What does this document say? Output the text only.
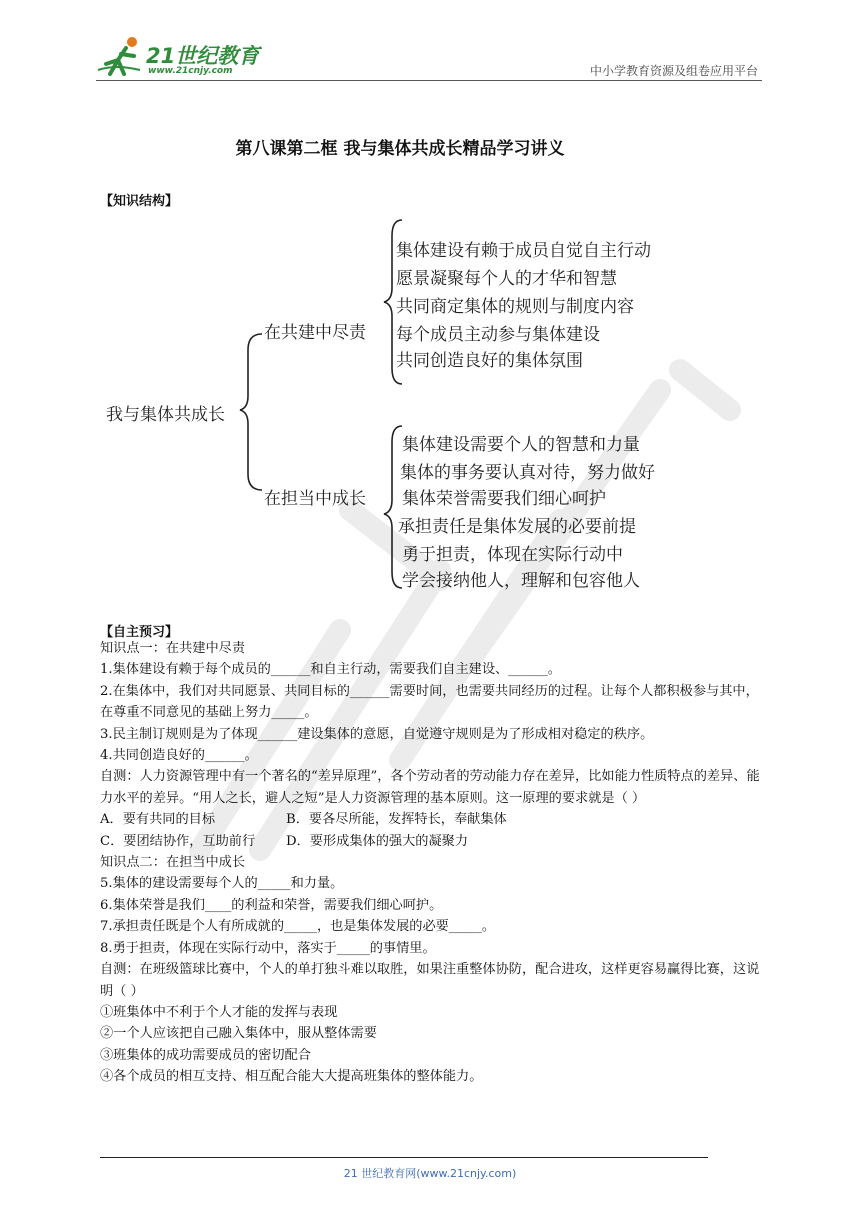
21世纪教育
www.21cnjy.com	中小学教育资源及组卷应用平台
第八课第二框 我与集体共成长精品学习讲义
【知识结构】
我与集体共成长
在共建中尽责
在担当中成长
集体建设有赖于成员自觉自主行动
愿景凝聚每个人的才华和智慧
共同商定集体的规则与制度内容
每个成员主动参与集体建设
共同创造良好的集体氛围
集体建设需要个人的智慧和力量
集体的事务要认真对待，努力做好
集体荣誉需要我们细心呵护
承担责任是集体发展的必要前提
勇于担责，体现在实际行动中
学会接纳他人，理解和包容他人
【自主预习】

知识点一：在共建中尽责

1.集体建设有赖于每个成员的______和自主行动，需要我们自主建设、______。

2.在集体中，我们对共同愿景、共同目标的______需要时间，也需要共同经历的过程。让每个人都积极参与其中，在尊重不同意见的基础上努力_____。

3.民主制订规则是为了体现______建设集体的意愿，自觉遵守规则是为了形成相对稳定的秩序。

4.共同创造良好的______。

自测：人力资源管理中有一个著名的“差异原理”，各个劳动者的劳动能力存在差异，比如能力性质特点的差异、能力水平的差异。“用人之长，避人之短”是人力资源管理的基本原则。这一原理的要求就是（ ）

A．要有共同的目标	B．要各尽所能，发挥特长，奉献集体

C．要团结协作，互助前行	D．要形成集体的强大的凝聚力

知识点二：在担当中成长

5.集体的建设需要每个人的_____和力量。

6.集体荣誉是我们____的利益和荣誉，需要我们细心呵护。

7.承担责任既是个人有所成就的_____，也是集体发展的必要_____。

8.勇于担责，体现在实际行动中，落实于_____的事情里。

自测：在班级篮球比赛中，个人的单打独斗难以取胜，如果注重整体协防，配合进攻，这样更容易赢得比赛，这说明（ ）

①班集体中不利于个人才能的发挥与表现

②一个人应该把自己融入集体中，服从整体需要

③班集体的成功需要成员的密切配合

④各个成员的相互支持、相互配合能大大提高班集体的整体能力。

21 世纪教育网(www.21cnjy.com)
